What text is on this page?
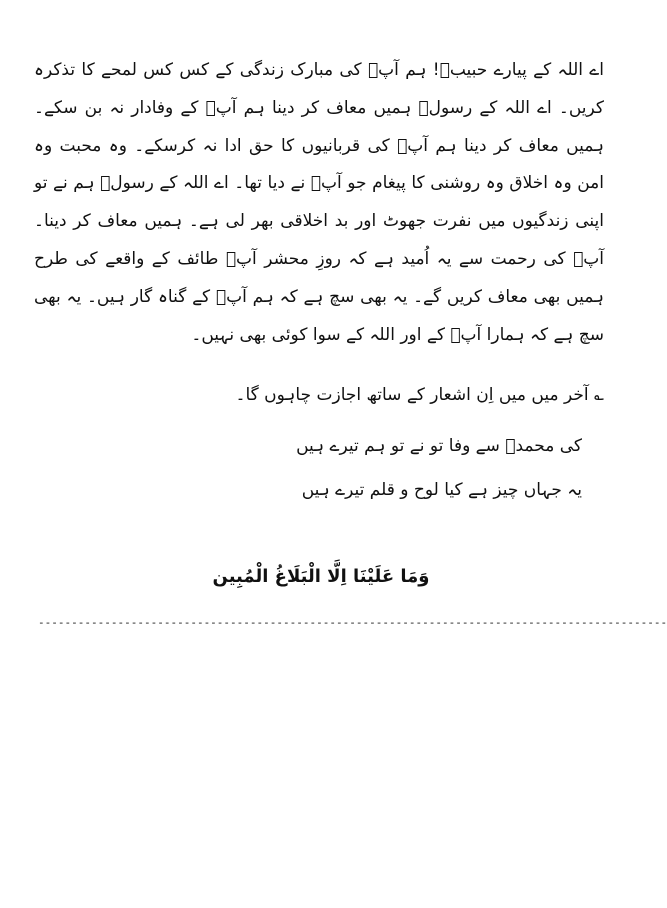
اے اللہ کے پیارے حبیبؐ! ہم آپؐ کی مبارک زندگی کے کس کس لمحے کا تذکرہ کریں۔ اے اللہ کے رسولؐ ہمیں معاف کر دینا ہم آپؐ کے وفادار نہ بن سکے۔ ہمیں معاف کر دینا ہم آپؐ کی قربانیوں کا حق ادا نہ کرسکے۔ وہ محبت وہ امن وہ اخلاق وہ روشنی کا پیغام جو آپؐ نے دیا تھا۔ اے اللہ کے رسولؐ ہم نے تو اپنی زندگیوں میں نفرت جھوٹ اور بد اخلاقی بھر لی ہے۔ ہمیں معاف کر دینا۔ آپؐ کی رحمت سے یہ اُمید ہے کہ روزِ محشر آپؐ طائف کے واقعے کی طرح ہمیں بھی معاف کریں گے۔ یہ بھی سچ ہے کہ ہم آپؐ کے گناہ گار ہیں۔ یہ بھی سچ ہے کہ ہمارا آپؐ کے اور اللہ کے سوا کوئی بھی نہیں۔

؎ آخر میں میں اِن اشعار کے ساتھ اجازت چاہوں گا۔
کی محمدؐ سے وفا تو نے تو ہم تیرے ہیں
یہ جہاں چیز ہے کیا لوح و قلم تیرے ہیں
وَمَا عَلَيْنَا اِلَّا الْبَلَاغُ الْمُبِين
-----------------------------------------------------------------------------------------------
